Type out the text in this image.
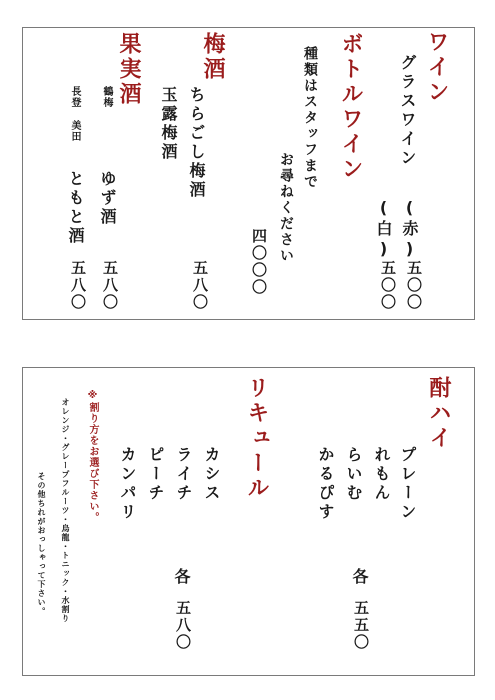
ワイン
グラスワイン
(赤)
(白)
五〇〇
五〇〇
ボトルワイン
種類はスタッフまで
お尋ねください
四〇〇〇
梅酒
ちらごし梅酒
玉露梅酒
五八〇
果実酒
鶴梅
ゆず酒
長登 美田
ともと酒
五八〇
五八〇
酎ハイ
プレーン
れもん
らいむ
かるぴす
各
五五〇
リキュール
カシス
ライチ
ピーチ
カンパリ
各
五八〇
※割り方をお選び下さい。
オレンジ・グレープフルーツ・烏龍・トニック・水割り
その他ちれがおっしゃって下さい。
